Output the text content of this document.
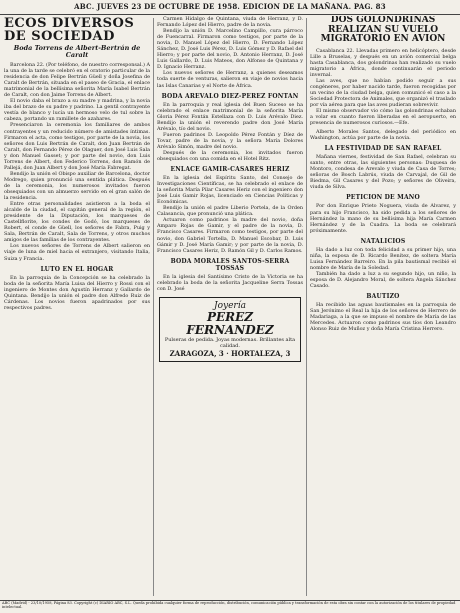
ABC. JUEVES 23 DE OCTUBRE DE 1958. EDICION DE LA MAÑANA. PAG. 83
ECOS DIVERSOS DE SOCIEDAD
Boda Torrens de Albert-Bertrán de Caralt

Barcelona 22. (Por teléfono, de nuestro corresponsal.) A la una de la tarde se celebró en el oratorio particular de la residencia de don Felipe Bertrán Güell y doña Josefina de Caralt de Bertrán, situada en el paseo de Gracia, el enlace matrimonial de la bellísima señorita María Isabel Bertrán de Caralt, con don Jaime Torrens de Albert.

El novio daba el brazo a su madre y madrina, y la novia iba del brazo de su padre y padrino. La gentil contrayente vestía de blanco y lucía un hermoso velo de tul sobre la cabeza, portando un ramillete de azahares.

Presenciaron la ceremonia los familiares de ambos contrayentes y un reducido número de amistades íntimas. Firmaron el acta, como testigos, por parte de la novia, los señores don Luis Bertrán de Caralt, don Juan Bertrán de Caralt, don Fernando Pérez de Olaguer, don José Luis Sala y don Manuel Gasset; y por parte del novio, don Luis Torrens de Albert, don Federico Torrens, don Ramón de Pallejá, don Juan Albert y don José María Fabregat.

Bendijo la unión el Obispo auxiliar de Barcelona, doctor Modrego, quien pronunció una sentida plática. Después de la ceremonia, los numerosos invitados fueron obsequiados con un almuerzo servido en el gran salón de la residencia.

Entre otras personalidades asistieron a la boda el alcalde de la ciudad, el capitán general de la región, el presidente de la Diputación, los marqueses de Castellflorite, los condes de Godó, los marqueses de Robert, el conde de Güell, los señores de Fabra, Puig y Sala, Bertrán de Caralt, Sala de Torrens, y otros muchos amigos de las familias de los contrayentes.

Los nuevos señores de Torrens de Albert salieron en viaje de luna de miel hacia el extranjero, visitando Italia, Suiza y Francia.

LUTO EN EL HOGAR

En la parroquia de la Concepción se ha celebrado la boda de la señorita María Luisa del Hierro y Rossi con el ingeniero de Montes don Agustín Herranz y Gallardo de Quintana. Bendijo la unión el padre don Alfredo Ruiz de Cárdenas. Los novios fueron apadrinados por sus respectivos padres.

Carmen Hidalgo de Quintana, viuda de Herranz, y D. Fernando López del Hierro, padre de la novia.

Bendijo la unión D. Marcelino Campillo, cura párroco de Fuencarral. Firmaron como testigos, por parte de la novia, D. Manuel López del Hierro, D. Fernando López Sánchez, D. José Luis Pérez, D. Luis Gómez y D. Rafael del Hierro; y por parte del novio, D. Antonio Herranz, D. José Luis Gallardo, D. Luis Mateos, don Alfonso de Quintana y D. Ignacio Herranz.

Los nuevos señores de Herranz, a quienes deseamos toda suerte de venturas, salieron en viaje de novios hacia las Islas Canarias y el Norte de África.

BODA AREVALO DIEZ-PEREZ FONTAN

En la parroquia y real iglesia del Buen Suceso se ha celebrado el enlace matrimonial de la señorita María Gloria Pérez Fontán Estellaza con D. Luis Arévalo Diez. Bendijo la unión el reverendo padre don José María Arévalo, tío del novio.

Fueron padrinos D. Leopoldo Pérez Fontán y Díez de Tovar, padre de la novia, y la señora María Dolores Arévalo Simón, madre del novio.

Después de la ceremonia, los invitados fueron obsequiados con una comida en el Hotel Ritz.

ENLACE GAMIR-CASARES HERIZ

En la iglesia del Espíritu Santo, del Consejo de Investigaciones Científicas, se ha celebrado el enlace de la señorita María Pilar Casares Heriz con el ingeniero don José Luis Gamir Rojas, licenciado en Ciencias Políticas y Económicas.

Bendijo la unión el padre Liberio Portela, de la Orden Calasancia, que pronunció una plática.

Actuaron como padrinos la madre del novio, doña Amparo Rojas de Gamir, y el padre de la novia, D. Francisco Casares. Firmaron como testigos, por parte del novio, don Gabriel Tortella, D. Manuel Escobar, D. Luis Gámir y D. José María Gamir; y por parte de la novia, D. Francisco Casares Heriz, D. Ramón Gil y D. Carlos Ramos.

BODA MORALES SANTOS-SERRA TOSSAS

En la iglesia del Santísimo Cristo de la Victoria se ha celebrado la boda de la señorita Jacqueline Serra Tossas con D. José

Joyería
PEREZ FERNANDEZ
Pulseras de pedida. Joyas modernas. Brillantes alta calidad.
ZARAGOZA, 3 · HORTALEZA, 3
DOS GOLONDRINAS REALIZAN SU VUELO MIGRATORIO EN AVION

Casablanca 22. Llevadas primero en helicóptero, desde Lille a Bruselas, y después en un avión comercial belga hasta Casablanca, dos golondrinas han realizado su vuelo migratorio a África, donde continuarán el periodo invernal.

Las aves, que no habían podido seguir a sus congéneres, por haber nacido tarde, fueron recogidas por un vecino de la ciudad belga, quien comunicó el caso a la Sociedad Protectora de Animales, que organizó el traslado por vía aérea para que las aves pudieran sobrevivir.

El mismo observador vio cómo las golondrinas echaban a volar en cuanto fueron liberadas en el aeropuerto, en presencia de numerosos curiosos.—Efe.

Alberto Morales Santos, delegado del periódico en Washington, actúa por parte de la novia.

LA FESTIVIDAD DE SAN RAFAEL

Mañana viernes, festividad de San Rafael, celebran su santo, entre otras, las siguientes personas: Duquesa de Montoro, condesa de Arevalo y viuda de Casa de Torres; señoras de Bosch Labrús, viuda de Carvajal, de Gil de Biedma, Gil Casares y del Pozo; y señores de Oliveira, viuda de Silva.

PETICION DE MANO

Por don Enrique Prieto Noguera, viuda de Alvarez, y para su hijo Francisco, ha sido pedida a los señores de Hernández la mano de su bellísima hija María Carmen Hernández y de la Cuadra. La boda se celebrará próximamente.

NATALICIOS

Ha dado a luz con toda felicidad a su primer hijo, una niña, la esposa de D. Ricardo Benítez, de soltera María Luisa Fernández Barreiro. En la pila bautismal recibió el nombre de María de la Soledad.

También ha dado a luz a su segundo hijo, un niño, la esposa de D. Alejandro Moral, de soltera Ángela Sánchez Casado.

BAUTIZO

Ha recibido las aguas bautismales en la parroquia de San Jerónimo el Real la hija de los señores de Herrero de Madariaga, a la que se impuso el nombre de María de las Mercedes. Actuaron como padrinos sus tíos don Leandro Alonso Ruiz de Muñoz y doña María Cristina Herrero.

ABC (Madrid) - 23/10/1958, Página 83. Copyright (c) DIARIO ABC, S.L. Queda prohibida cualquier forma de reproducción, distribución, comunicación pública y transformación de esta obra sin contar con la autorización de los titulares de propiedad intelectual.
